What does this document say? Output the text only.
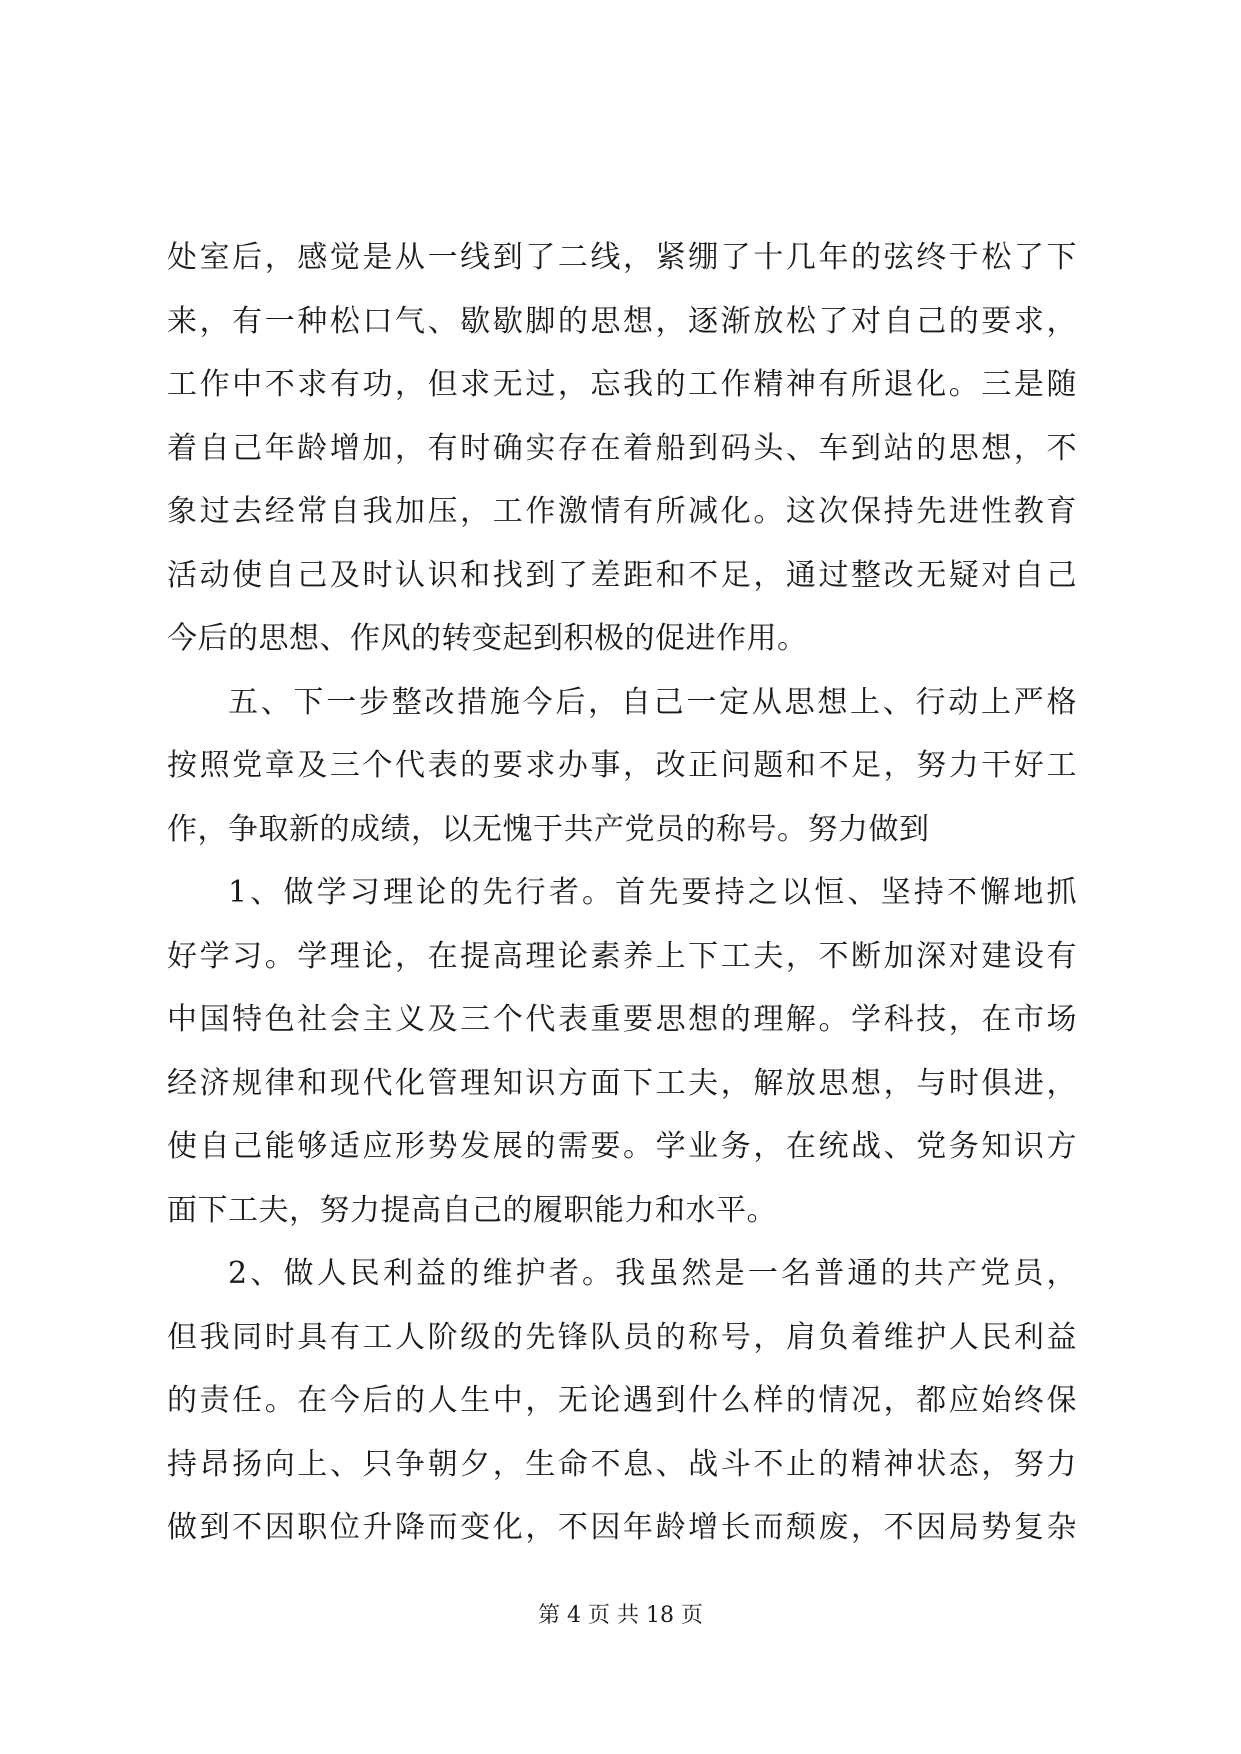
处室后，感觉是从一线到了二线，紧绷了十几年的弦终于松了下
来，有一种松口气、歇歇脚的思想，逐渐放松了对自己的要求，
工作中不求有功，但求无过，忘我的工作精神有所退化。三是随
着自己年龄增加，有时确实存在着船到码头、车到站的思想，不
象过去经常自我加压，工作激情有所减化。这次保持先进性教育
活动使自己及时认识和找到了差距和不足，通过整改无疑对自己
今后的思想、作风的转变起到积极的促进作用。
五、下一步整改措施今后，自己一定从思想上、行动上严格
按照党章及三个代表的要求办事，改正问题和不足，努力干好工
作，争取新的成绩，以无愧于共产党员的称号。努力做到
1、做学习理论的先行者。首先要持之以恒、坚持不懈地抓
好学习。学理论，在提高理论素养上下工夫，不断加深对建设有
中国特色社会主义及三个代表重要思想的理解。学科技，在市场
经济规律和现代化管理知识方面下工夫，解放思想，与时俱进，
使自己能够适应形势发展的需要。学业务，在统战、党务知识方
面下工夫，努力提高自己的履职能力和水平。
2、做人民利益的维护者。我虽然是一名普通的共产党员，
但我同时具有工人阶级的先锋队员的称号，肩负着维护人民利益
的责任。在今后的人生中，无论遇到什么样的情况，都应始终保
持昂扬向上、只争朝夕，生命不息、战斗不止的精神状态，努力
做到不因职位升降而变化，不因年龄增长而颓废，不因局势复杂
第 4 页 共 18 页
